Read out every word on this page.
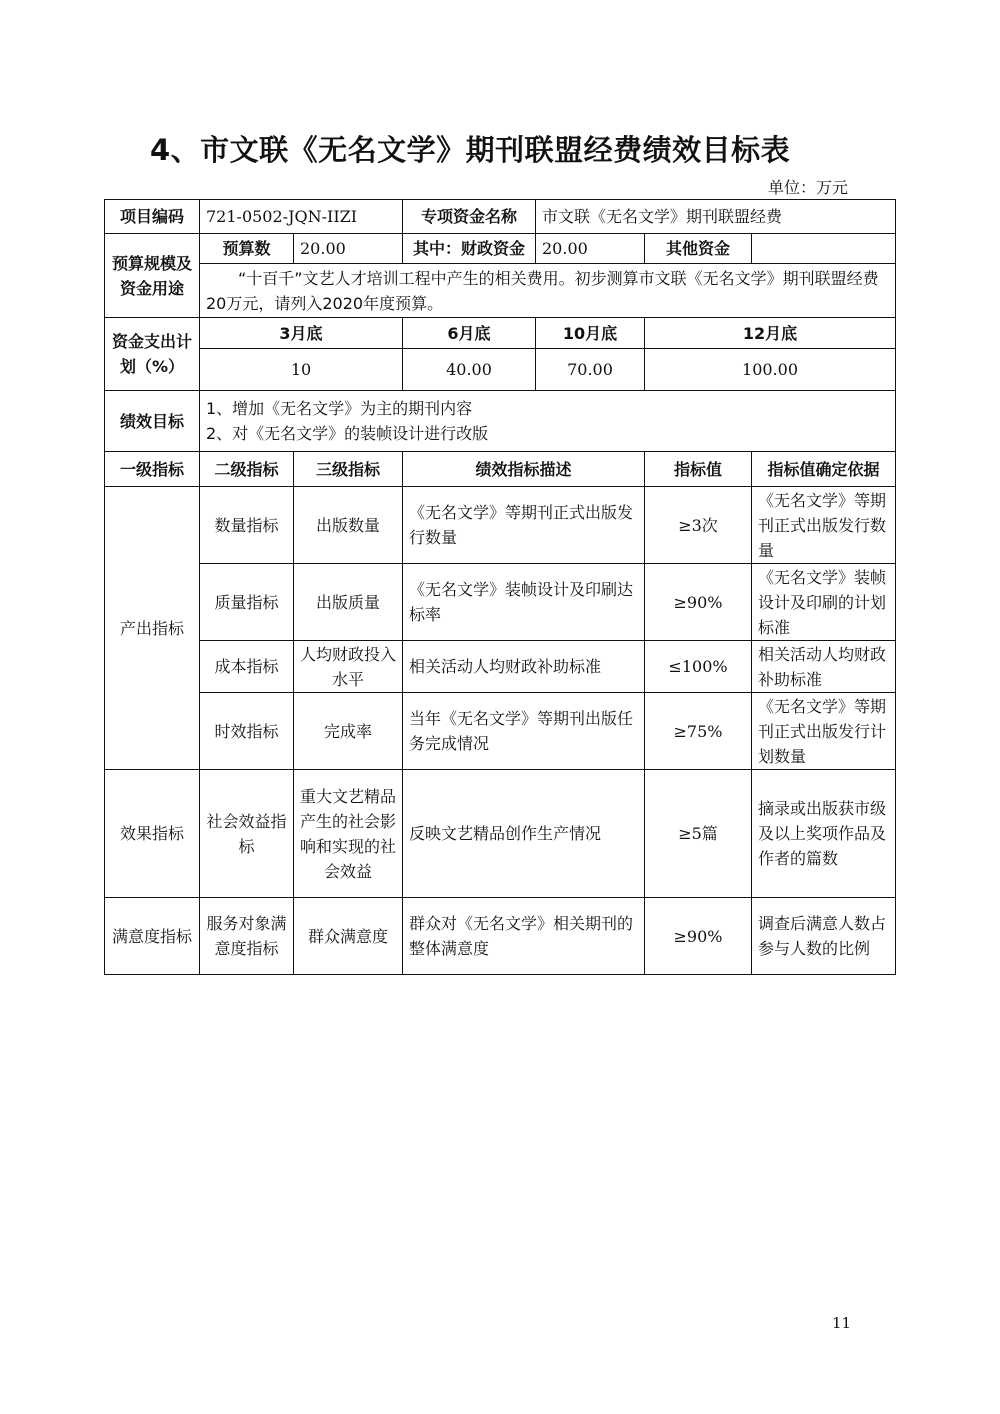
4、市文联《无名文学》期刊联盟经费绩效目标表
单位：万元
项目编码	721-0502-JQN-IIZI		专项资金名称	市文联《无名文学》期刊联盟经费		
预算规模及资金用途	预算数	20.00	其中：财政资金	20.00	其他资金	
	“十百千”文艺人才培训工程中产生的相关费用。初步测算市文联《无名文学》期刊联盟经费20万元，请列入2020年度预算。					
资金支出计划（%）	3月底		6月底	10月底	12月底	
	10		40.00	70.00	100.00	
绩效目标	1、增加《无名文学》为主的期刊内容
2、对《无名文学》的装帧设计进行改版					

一级指标	二级指标	三级指标	绩效指标描述		指标值	指标值确定依据
产出指标	数量指标	出版数量	《无名文学》等期刊正式出版发行数量		≥3次	《无名文学》等期刊正式出版发行数量
	质量指标	出版质量	《无名文学》装帧设计及印刷达标率		≥90%	《无名文学》装帧设计及印刷的计划标准
	成本指标	人均财政投入水平	相关活动人均财政补助标准		≤100%	相关活动人均财政补助标准
	时效指标	完成率	当年《无名文学》等期刊出版任务完成情况		≥75%	《无名文学》等期刊正式出版发行计划数量
效果指标	社会效益指标	重大文艺精品产生的社会影响和实现的社会效益	反映文艺精品创作生产情况		≥5篇	摘录或出版获市级及以上奖项作品及作者的篇数
满意度指标	服务对象满意度指标	群众满意度	群众对《无名文学》相关期刊的整体满意度		≥90%	调查后满意人数占参与人数的比例
11
